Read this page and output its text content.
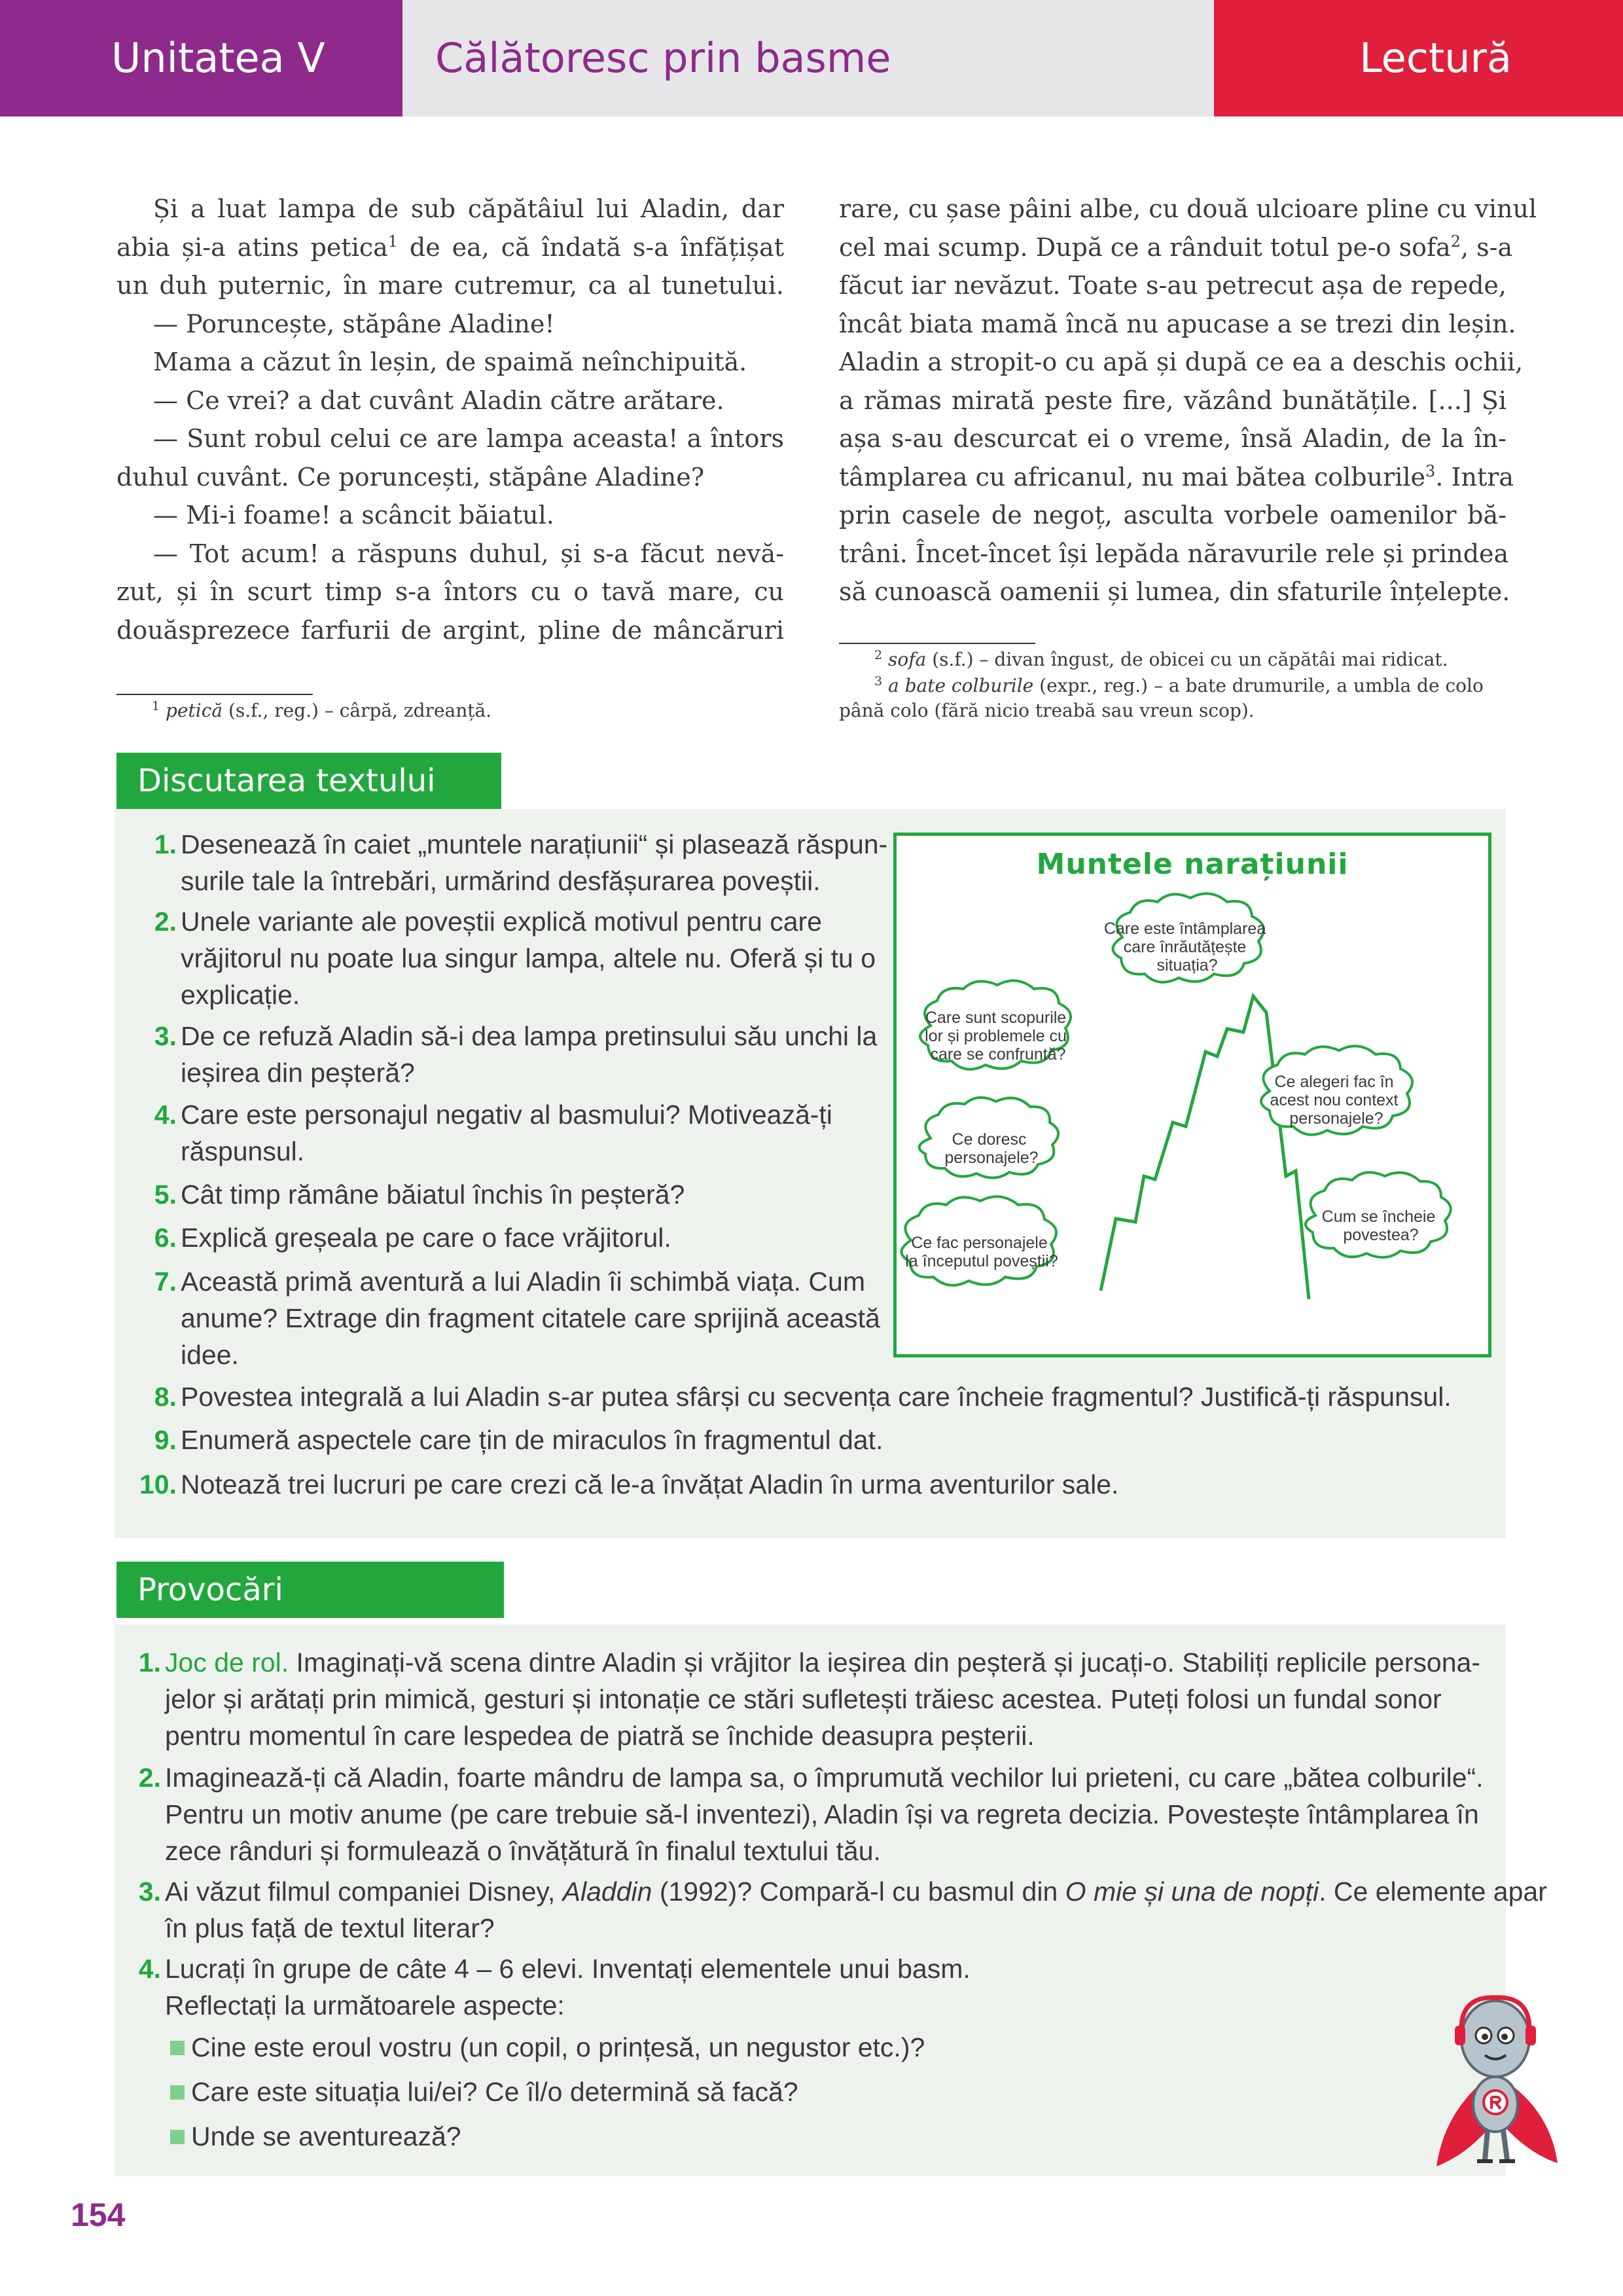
Unitatea V	Călătoresc prin basme	Lectură
Și a luat lampa de sub căpătâiul lui Aladin, dar
abia și-a atins petica$^1$ de ea, că îndată s-a înfățișat
un duh puternic, în mare cutremur, ca al tunetului.
— Poruncește, stăpâne Aladine!
Mama a căzut în leșin, de spaimă neînchipuită.
— Ce vrei? a dat cuvânt Aladin către arătare.
— Sunt robul celui ce are lampa aceasta! a întors
duhul cuvânt. Ce poruncești, stăpâne Aladine?
— Mi-i foame! a scâncit băiatul.
— Tot acum! a răspuns duhul, și s-a făcut nevă-
zut, și în scurt timp s-a întors cu o tavă mare, cu
douăsprezece farfurii de argint, pline de mâncăruri
rare, cu șase pâini albe, cu două ulcioare pline cu vinul
cel mai scump. După ce a rânduit totul pe-o sofa$^2$, s-a
făcut iar nevăzut. Toate s-au petrecut așa de repede,
încât biata mamă încă nu apucase a se trezi din leșin.
Aladin a stropit-o cu apă și după ce ea a deschis ochii,
a rămas mirată peste fire, văzând bunătățile. [...] Și
așa s-au descurcat ei o vreme, însă Aladin, de la în-
tâmplarea cu africanul, nu mai bătea colburile$^3$. Intra
prin casele de negoț, asculta vorbele oamenilor bă-
trâni. Încet-încet își lepăda năravurile rele și prindea
să cunoască oamenii și lumea, din sfaturile înțelepte.
$^1$ petică (s.f., reg.) – cârpă, zdreanță.
$^2$ sofa (s.f.) – divan îngust, de obicei cu un căpătâi mai ridicat.
$^3$ a bate colburile (expr., reg.) – a bate drumurile, a umbla de colo
până colo (fără nicio treabă sau vreun scop).
Discutarea textului
1. Desenează în caiet „muntele narațiunii“ și plasează răspun-
surile tale la întrebări, urmărind desfășurarea poveștii.
2. Unele variante ale poveștii explică motivul pentru care
vrăjitorul nu poate lua singur lampa, altele nu. Oferă și tu o
explicație.
3. De ce refuză Aladin să-i dea lampa pretinsului său unchi la
ieșirea din peșteră?
4. Care este personajul negativ al basmului? Motivează-ți
răspunsul.
5. Cât timp rămâne băiatul închis în peșteră?
6. Explică greșeala pe care o face vrăjitorul.
7. Această primă aventură a lui Aladin îi schimbă viața. Cum
anume? Extrage din fragment citatele care sprijină această
idee.
8. Povestea integrală a lui Aladin s-ar putea sfârși cu secvența care încheie fragmentul? Justifică-ți răspunsul.
9. Enumeră aspectele care țin de miraculos în fragmentul dat.
10. Notează trei lucruri pe care crezi că le-a învățat Aladin în urma aventurilor sale.
Muntele narațiunii
Care este întâmplarea care înrăutățește situația?
Care sunt scopurile lor și problemele cu care se confruntă?
Ce alegeri fac în acest nou context personajele?
Ce doresc personajele?
Cum se încheie povestea?
Ce fac personajele la începutul poveștii?
Provocări
1. Joc de rol. Imaginați-vă scena dintre Aladin și vrăjitor la ieșirea din peșteră și jucați-o. Stabiliți replicile persona-
jelor și arătați prin mimică, gesturi și intonație ce stări sufletești trăiesc acestea. Puteți folosi un fundal sonor
pentru momentul în care lespedea de piatră se închide deasupra peșterii.
2. Imaginează-ți că Aladin, foarte mândru de lampa sa, o împrumută vechilor lui prieteni, cu care „bătea colburile“.
Pentru un motiv anume (pe care trebuie să-l inventezi), Aladin își va regreta decizia. Povestește întâmplarea în
zece rânduri și formulează o învățătură în finalul textului tău.
3. Ai văzut filmul companiei Disney, Aladdin (1992)? Compară-l cu basmul din O mie și una de nopți. Ce elemente apar
în plus față de textul literar?
4. Lucrați în grupe de câte 4 – 6 elevi. Inventați elementele unui basm.
Reflectați la următoarele aspecte:
Cine este eroul vostru (un copil, o prințesă, un negustor etc.)?
Care este situația lui/ei? Ce îl/o determină să facă?
Unde se aventurează?
154
